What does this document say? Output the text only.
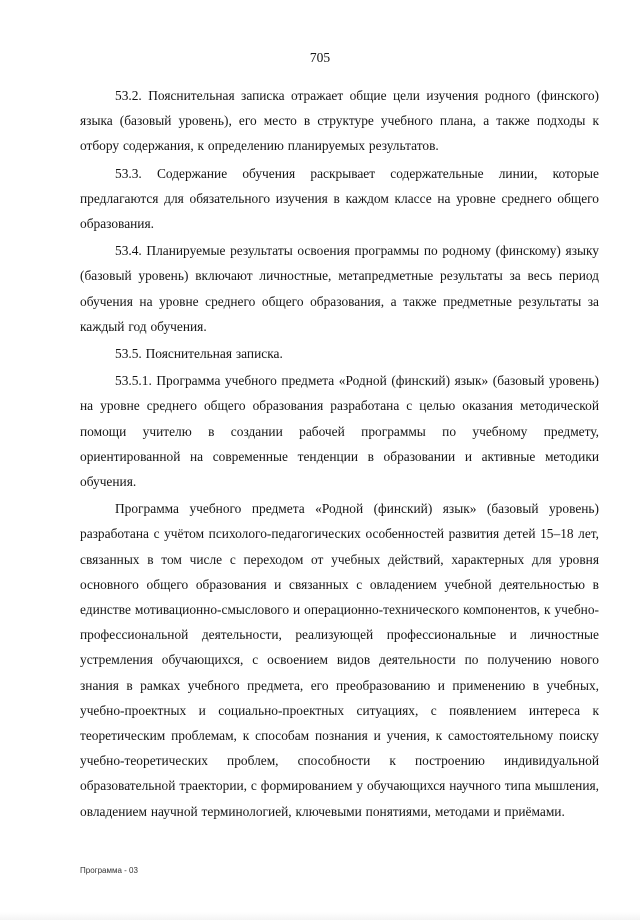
705

53.2. Пояснительная записка отражает общие цели изучения родного (финского) языка (базовый уровень), его место в структуре учебного плана, а также подходы к отбору содержания, к определению планируемых результатов.

53.3. Содержание обучения раскрывает содержательные линии, которые предлагаются для обязательного изучения в каждом классе на уровне среднего общего образования.

53.4. Планируемые результаты освоения программы по родному (финскому) языку (базовый уровень) включают личностные, метапредметные результаты за весь период обучения на уровне среднего общего образования, а также предметные результаты за каждый год обучения.

53.5. Пояснительная записка.

53.5.1. Программа учебного предмета «Родной (финский) язык» (базовый уровень) на уровне среднего общего образования разработана с целью оказания методической помощи учителю в создании рабочей программы по учебному предмету, ориентированной на современные тенденции в образовании и активные методики обучения.

Программа учебного предмета «Родной (финский) язык» (базовый уровень) разработана с учётом психолого-педагогических особенностей развития детей 15–18 лет, связанных в том числе с переходом от учебных действий, характерных для уровня основного общего образования и связанных с овладением учебной деятельностью в единстве мотивационно-смыслового и операционно-технического компонентов, к учебно-профессиональной деятельности, реализующей профессиональные и личностные устремления обучающихся, с освоением видов деятельности по получению нового знания в рамках учебного предмета, его преобразованию и применению в учебных, учебно-проектных и социально-проектных ситуациях, с появлением интереса к теоретическим проблемам, к способам познания и учения, к самостоятельному поиску учебно-теоретических проблем, способности к построению индивидуальной образовательной траектории, с формированием у обучающихся научного типа мышления, овладением научной терминологией, ключевыми понятиями, методами и приёмами.

Программа - 03
